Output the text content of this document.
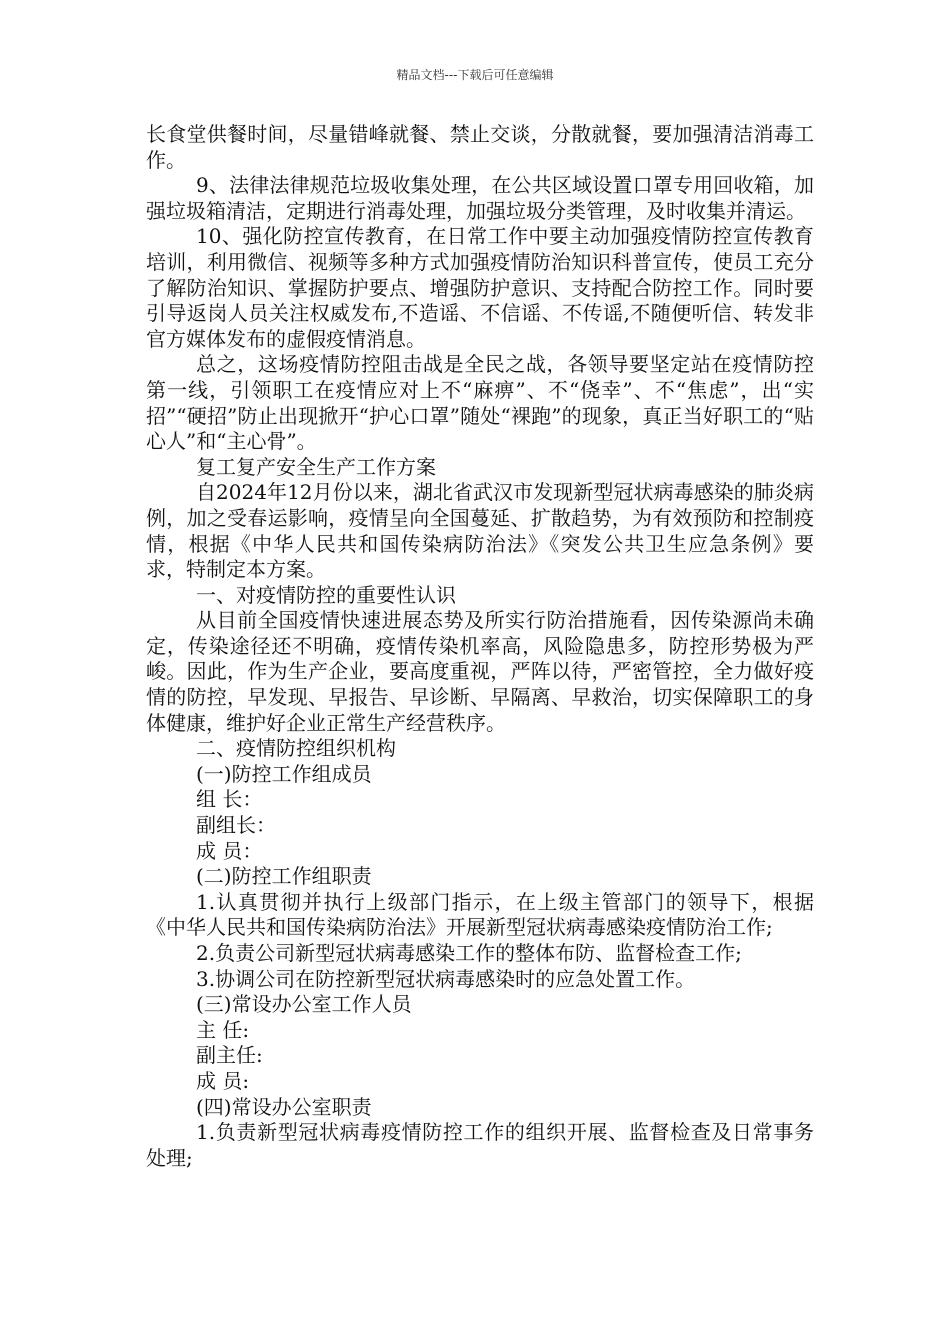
精品文档---下载后可任意编辑

长食堂供餐时间，尽量错峰就餐、禁止交谈，分散就餐，要加强清洁消毒工作。

9、法律法律规范垃圾收集处理，在公共区域设置口罩专用回收箱，加强垃圾箱清洁，定期进行消毒处理，加强垃圾分类管理，及时收集并清运。

10、强化防控宣传教育，在日常工作中要主动加强疫情防控宣传教育培训，利用微信、视频等多种方式加强疫情防治知识科普宣传，使员工充分了解防治知识、掌握防护要点、增强防护意识、支持配合防控工作。同时要引导返岗人员关注权威发布,不造谣、不信谣、不传谣,不随便听信、转发非官方媒体发布的虚假疫情消息。

总之，这场疫情防控阻击战是全民之战，各领导要坚定站在疫情防控第一线，引领职工在疫情应对上不“麻痹”、不“侥幸”、不“焦虑”，出“实招”“硬招”防止出现掀开“护心口罩”随处“裸跑”的现象，真正当好职工的“贴心人”和“主心骨”。

复工复产安全生产工作方案

自2024年12月份以来，湖北省武汉市发现新型冠状病毒感染的肺炎病例，加之受春运影响，疫情呈向全国蔓延、扩散趋势，为有效预防和控制疫情，根据《中华人民共和国传染病防治法》《突发公共卫生应急条例》要求，特制定本方案。

一、对疫情防控的重要性认识

从目前全国疫情快速进展态势及所实行防治措施看，因传染源尚未确定，传染途径还不明确，疫情传染机率高，风险隐患多，防控形势极为严峻。因此，作为生产企业，要高度重视，严阵以待，严密管控，全力做好疫情的防控，早发现、早报告、早诊断、早隔离、早救治，切实保障职工的身体健康，维护好企业正常生产经营秩序。

二、疫情防控组织机构

(一)防控工作组成员

组 长：

副组长：

成 员：

(二)防控工作组职责

1.认真贯彻并执行上级部门指示，在上级主管部门的领导下，根据《中华人民共和国传染病防治法》开展新型冠状病毒感染疫情防治工作;

2.负责公司新型冠状病毒感染工作的整体布防、监督检查工作;

3.协调公司在防控新型冠状病毒感染时的应急处置工作。

(三)常设办公室工作人员

主 任:

副主任:

成 员:

(四)常设办公室职责

1.负责新型冠状病毒疫情防控工作的组织开展、监督检查及日常事务处理;
